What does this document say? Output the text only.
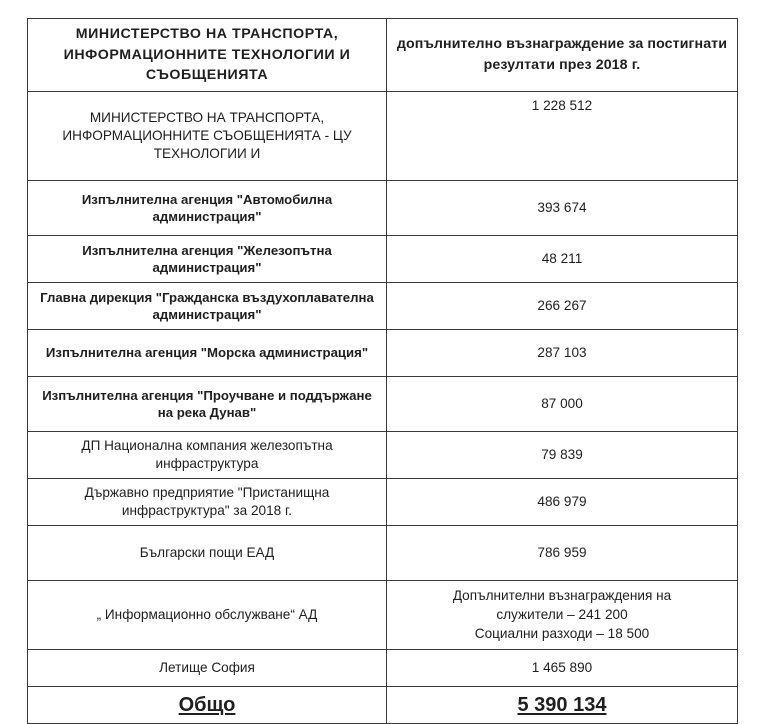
МИНИСТЕРСТВО НА ТРАНСПОРТА, ИНФОРМАЦИОННИТЕ ТЕХНОЛОГИИ И СЪОБЩЕНИЯТА	допълнително възнаграждение за постигнати резултати през 2018 г.
МИНИСТЕРСТВО НА ТРАНСПОРТА, ИНФОРМАЦИОННИТЕ СЪОБЩЕНИЯТА - ЦУ ТЕХНОЛОГИИ И	1 228 512
Изпълнителна агенция "Автомобилна администрация"	393 674
Изпълнителна агенция "Железопътна администрация"	48 211
Главна дирекция "Гражданска въздухоплавателна администрация"	266 267
Изпълнителна агенция "Морска администрация"	287 103
Изпълнителна агенция "Проучване и поддържане на река Дунав"	87 000
ДП Национална компания железопътна инфраструктура	79 839
Държавно предприятие "Пристанищна инфраструктура" за 2018 г.	486 979
Български пощи ЕАД	786 959
„ Информационно обслужване“ АД	Допълнителни възнаграждения на
служители – 241 200
Социални разходи – 18 500

Летище София	1 465 890
Общо	5 390 134
